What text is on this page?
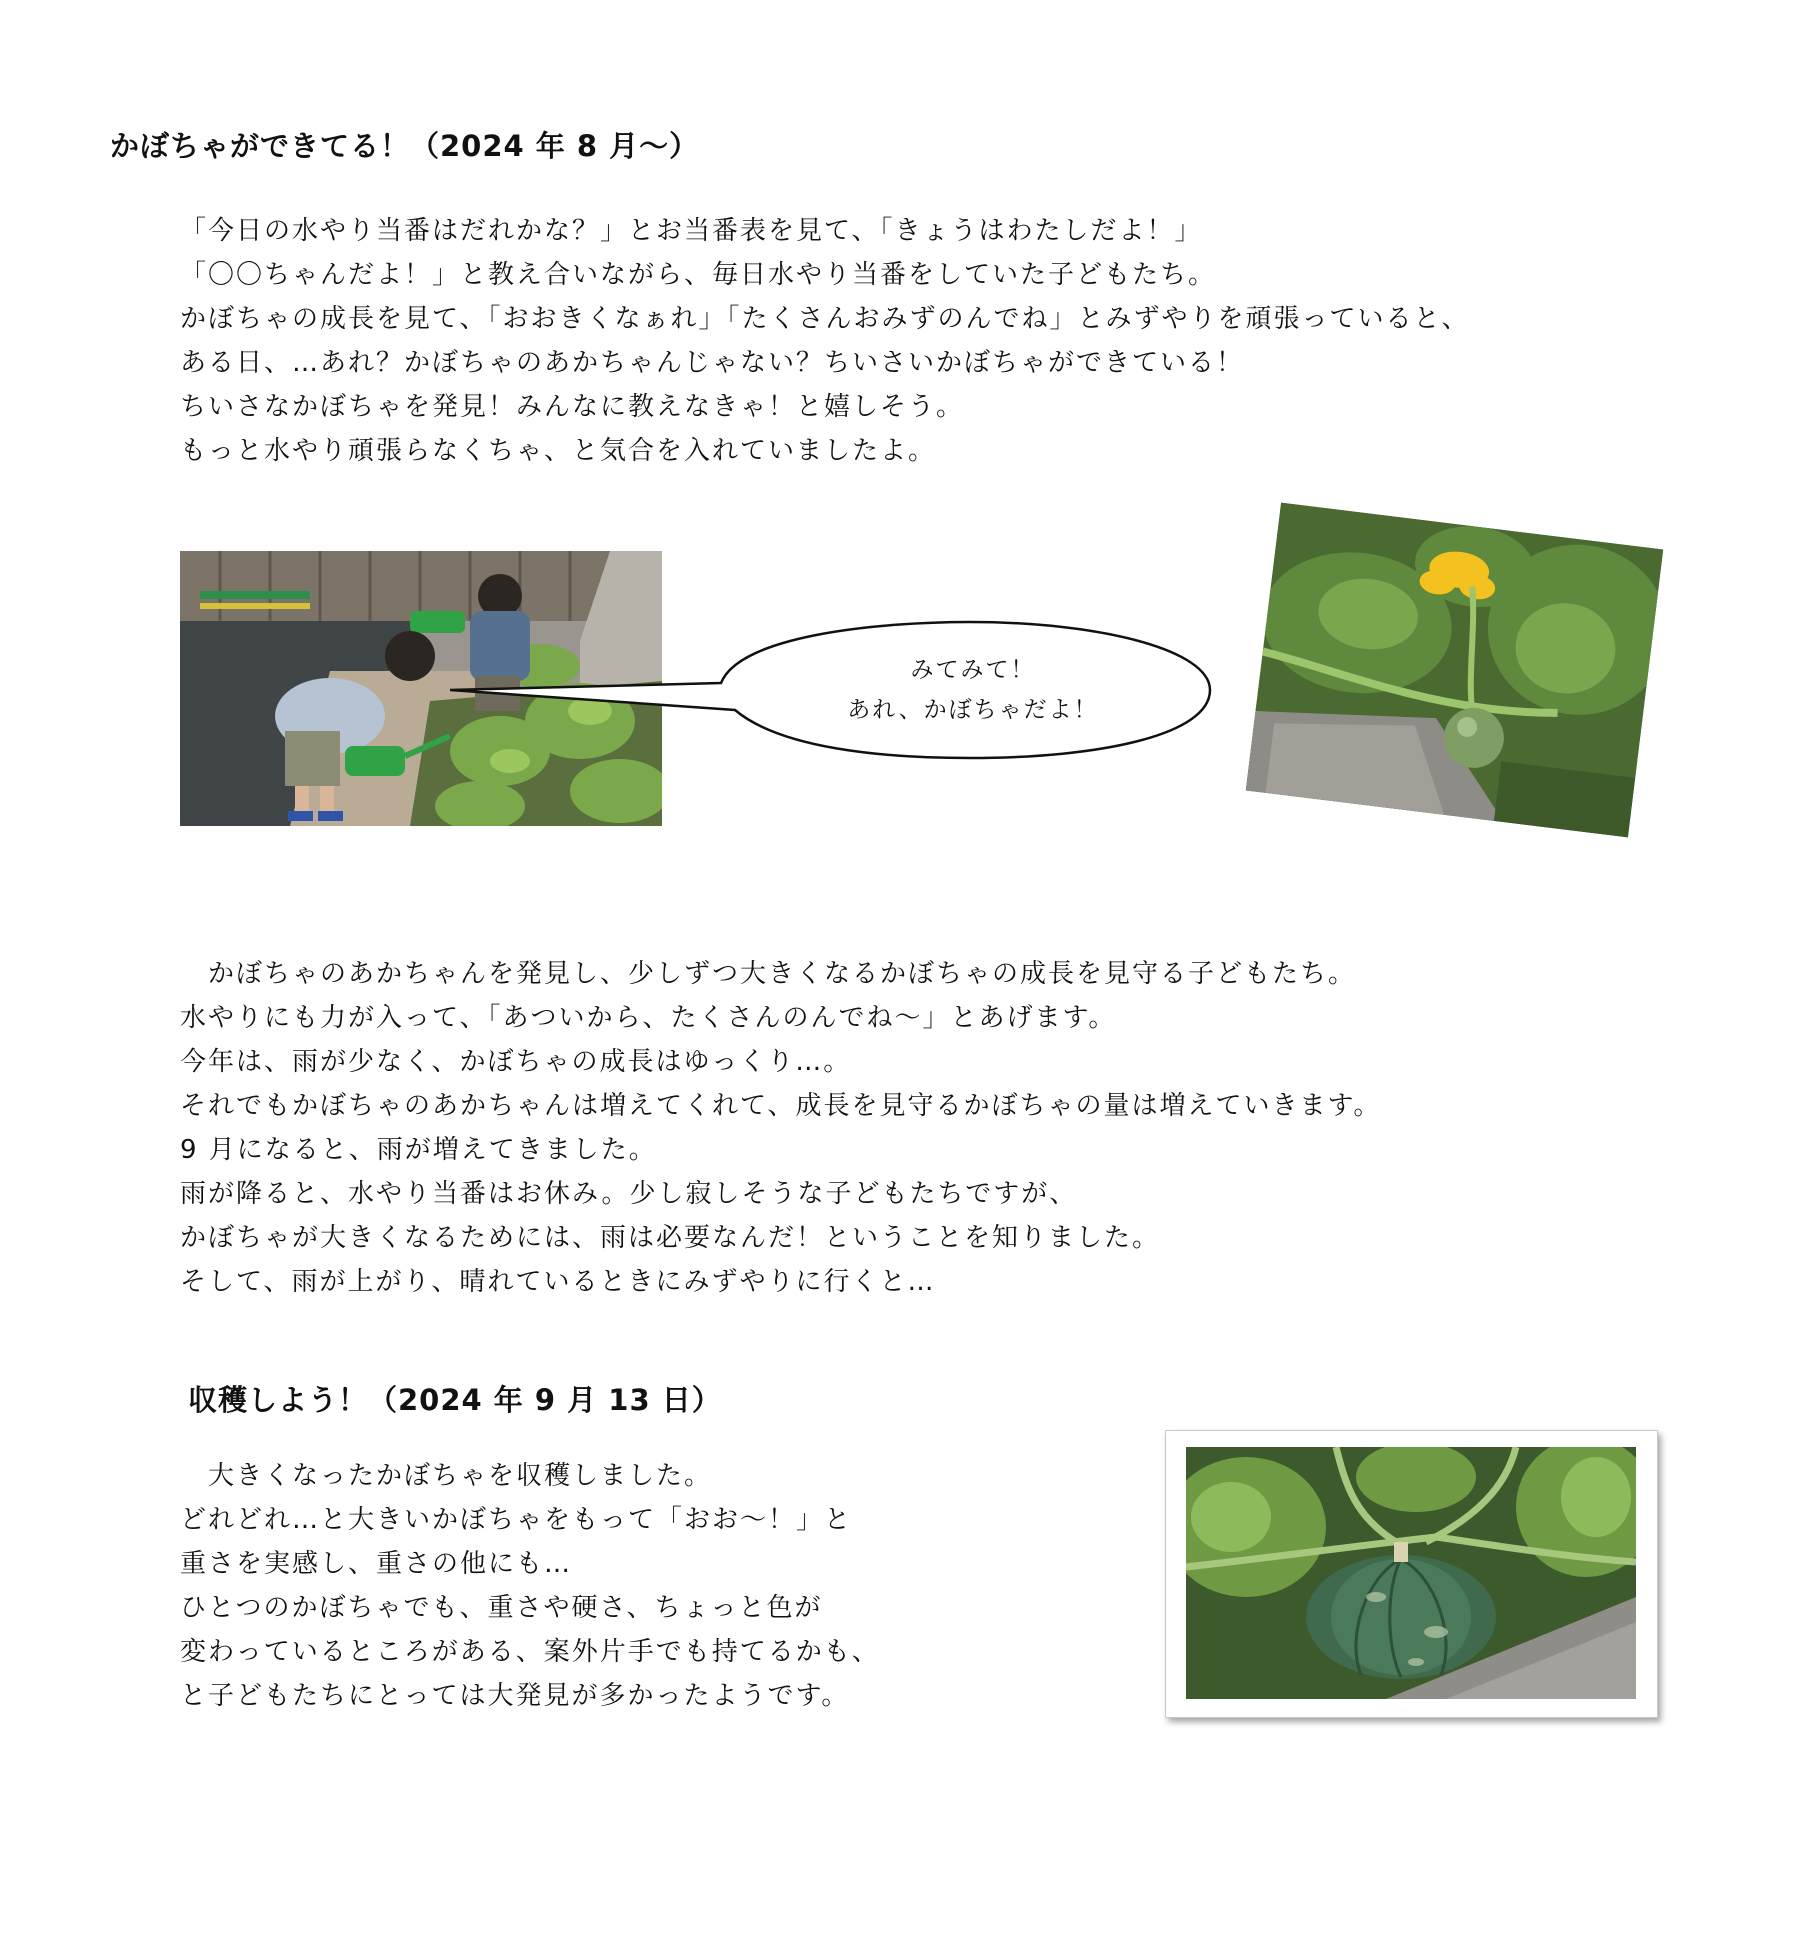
かぼちゃができてる！（2024 年 8 月～）
「今日の水やり当番はだれかな？」とお当番表を見て、「きょうはわたしだよ！」
「〇〇ちゃんだよ！」と教え合いながら、毎日水やり当番をしていた子どもたち。
かぼちゃの成長を見て、「おおきくなぁれ」「たくさんおみずのんでね」とみずやりを頑張っていると、
ある日、…あれ？かぼちゃのあかちゃんじゃない？ちいさいかぼちゃができている！
ちいさなかぼちゃを発見！みんなに教えなきゃ！と嬉しそう。
もっと水やり頑張らなくちゃ、と気合を入れていましたよ。
みてみて！
あれ、かぼちゃだよ！
　かぼちゃのあかちゃんを発見し、少しずつ大きくなるかぼちゃの成長を見守る子どもたち。
水やりにも力が入って、「あついから、たくさんのんでね～」とあげます。
今年は、雨が少なく、かぼちゃの成長はゆっくり…。
それでもかぼちゃのあかちゃんは増えてくれて、成長を見守るかぼちゃの量は増えていきます。
9 月になると、雨が増えてきました。
雨が降ると、水やり当番はお休み。少し寂しそうな子どもたちですが、
かぼちゃが大きくなるためには、雨は必要なんだ！ということを知りました。
そして、雨が上がり、晴れているときにみずやりに行くと…
収穫しよう！（2024 年 9 月 13 日）
　大きくなったかぼちゃを収穫しました。
どれどれ…と大きいかぼちゃをもって「おお～！」と
重さを実感し、重さの他にも…
ひとつのかぼちゃでも、重さや硬さ、ちょっと色が
変わっているところがある、案外片手でも持てるかも、
と子どもたちにとっては大発見が多かったようです。
